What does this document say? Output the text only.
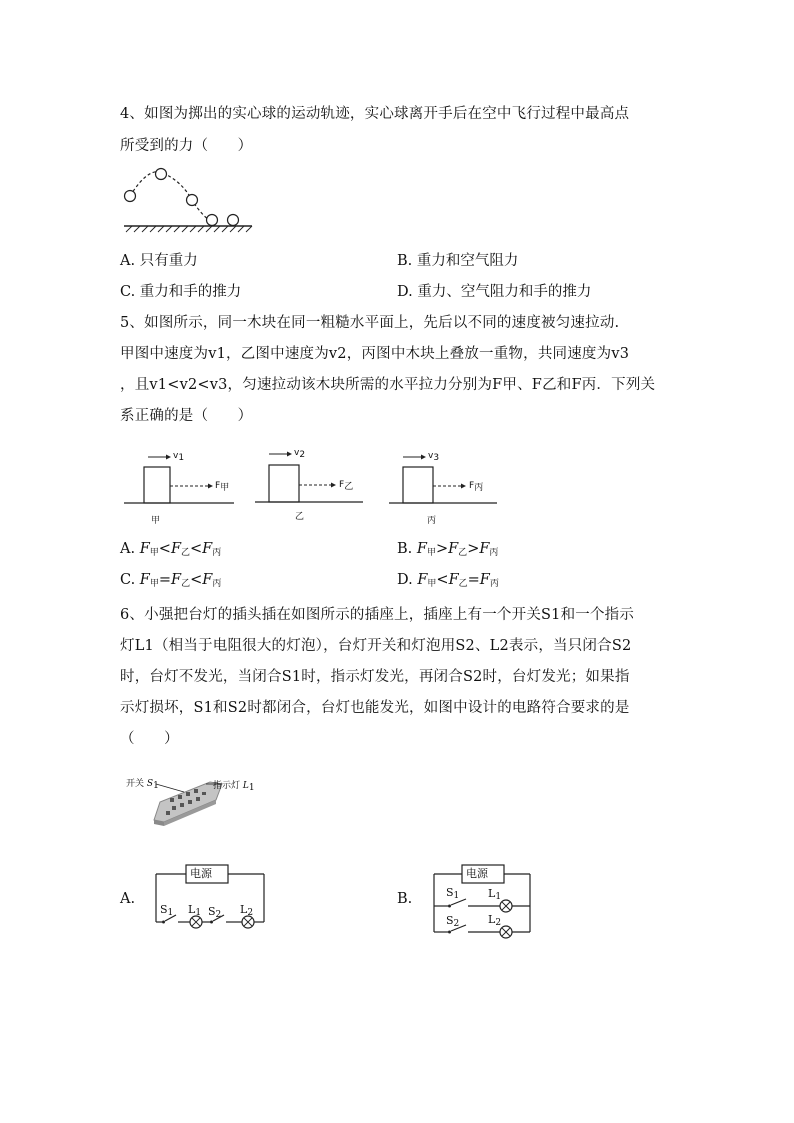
4、如图为掷出的实心球的运动轨迹，实心球离开手后在空中飞行过程中最高点
所受到的力（　　）
A. 只有重力	B. 重力和空气阻力
C. 重力和手的推力	D. 重力、空气阻力和手的推力
5、如图所示，同一木块在同一粗糙水平面上，先后以不同的速度被匀速拉动.
甲图中速度为v1，乙图中速度为v2，丙图中木块上叠放一重物，共同速度为v3
，且v1<v2<v3，匀速拉动该木块所需的水平拉力分别为F甲、F乙和F丙．下列关
系正确的是（　　）
$v_1$
$F_甲$
甲
$v_2$
$F_乙$
乙
$v_3$
$F_丙$
丙
A. $F_甲<F_乙<F_丙$	B. $F_甲>F_乙>F_丙$
C. $F_甲=F_乙<F_丙$	D. $F_甲<F_乙=F_丙$
6、小强把台灯的插头插在如图所示的插座上，插座上有一个开关S1和一个指示
灯L1（相当于电阻很大的灯泡），台灯开关和灯泡用S2、L2表示，当只闭合S2
时，台灯不发光，当闭合S1时，指示灯发光，再闭合S2时，台灯发光；如果指
示灯损坏，S1和S2时都闭合，台灯也能发光，如图中设计的电路符合要求的是
（　　）
开关 $S_1$	指示灯 $L_1$
A.
电源
$S_1$ $L_1$ $S_2$ $L_2$
B.
电源
$S_1$	$L_1$
$S_2$	$L_2$
